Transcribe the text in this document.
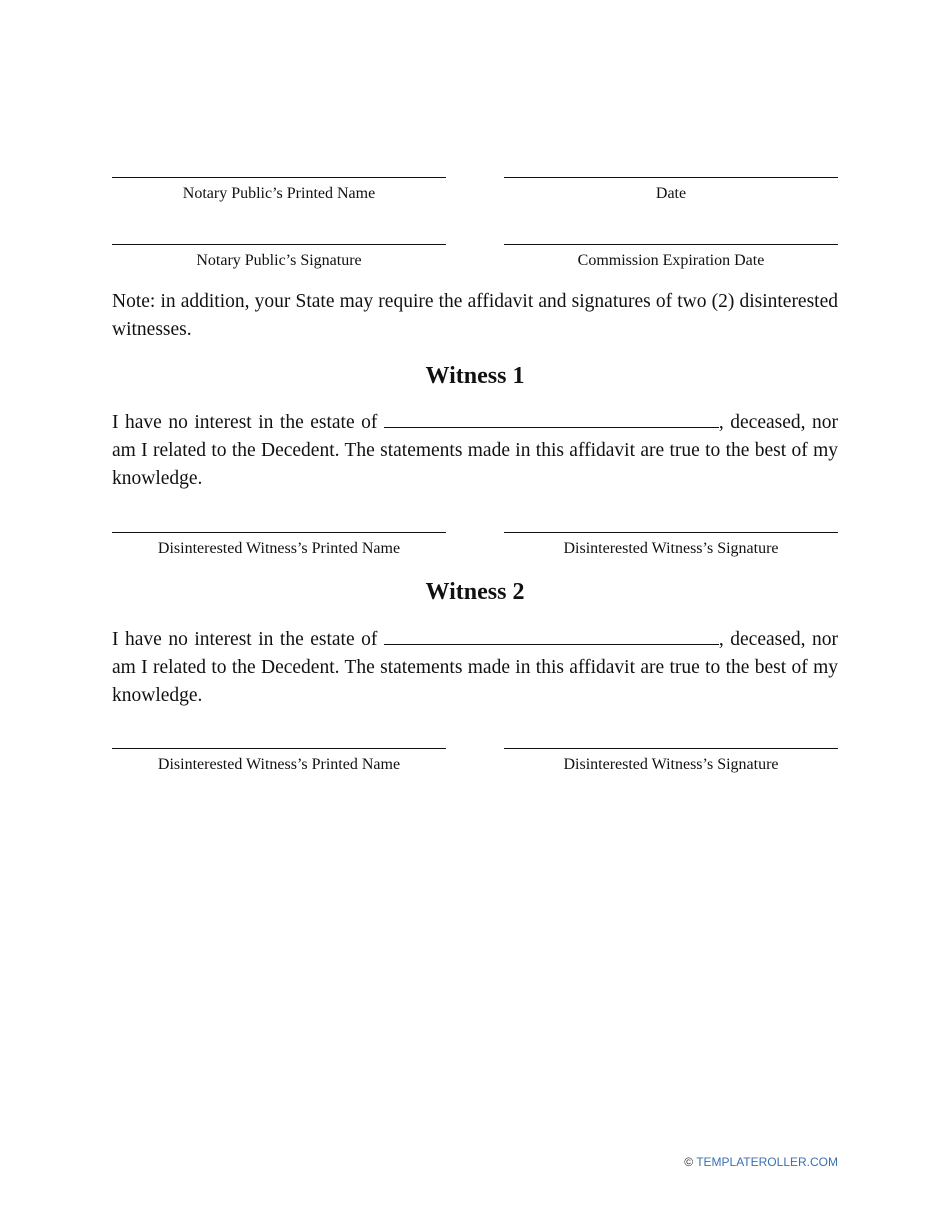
Notary Public’s Printed Name	Date
Notary Public’s Signature	Commission Expiration Date

Note: in addition, your State may require the affidavit and signatures of two (2) disinterested witnesses.

Witness 1

I have no interest in the estate of	, deceased, nor am I related to the Decedent. The statements made in this affidavit are true to the best of my knowledge.

Disinterested Witness’s Printed Name	Disinterested Witness’s Signature
Witness 2

I have no interest in the estate of	, deceased, nor am I related to the Decedent. The statements made in this affidavit are true to the best of my knowledge.

Disinterested Witness’s Printed Name	Disinterested Witness’s Signature
© TEMPLATEROLLER.COM
